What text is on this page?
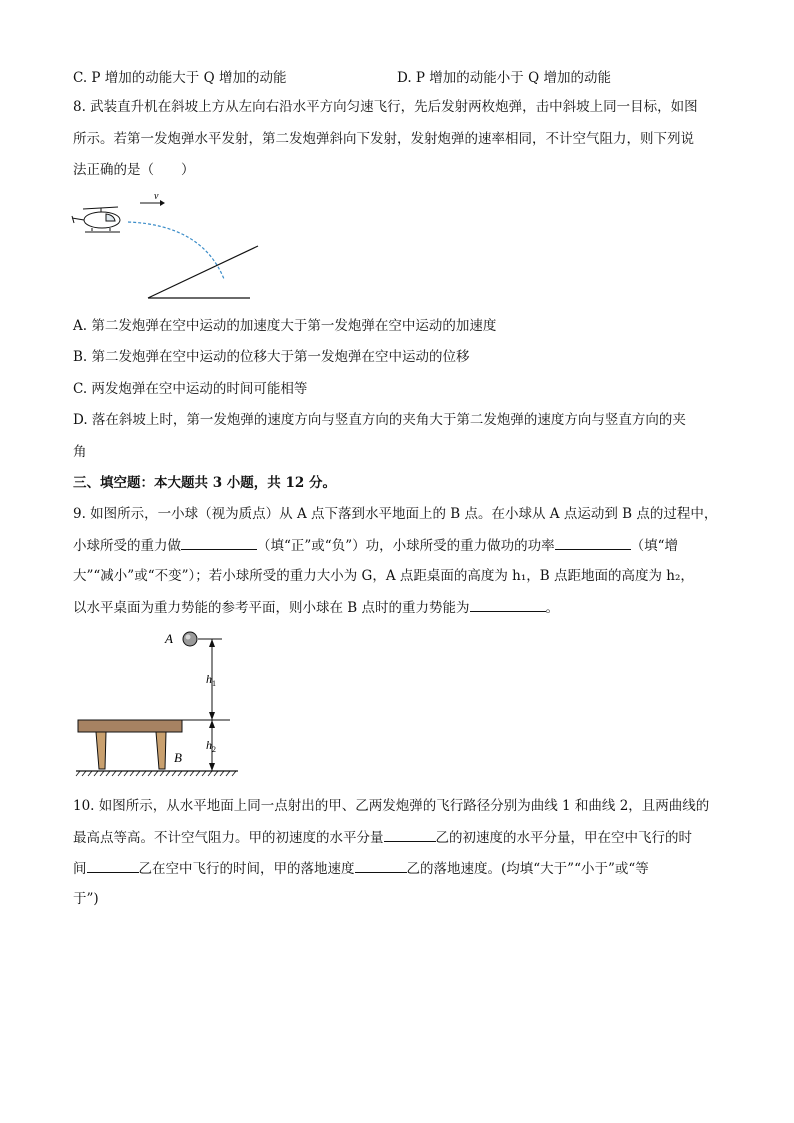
C. P 增加的动能大于 Q 增加的动能	D. P 增加的动能小于 Q 增加的动能
8. 武装直升机在斜坡上方从左向右沿水平方向匀速飞行，先后发射两枚炮弹，击中斜坡上同一目标，如图
所示。若第一发炮弹水平发射，第二发炮弹斜向下发射，发射炮弹的速率相同，不计空气阻力，则下列说
法正确的是（　　）
v
A. 第二发炮弹在空中运动的加速度大于第一发炮弹在空中运动的加速度
B. 第二发炮弹在空中运动的位移大于第一发炮弹在空中运动的位移
C. 两发炮弹在空中运动的时间可能相等
D. 落在斜坡上时，第一发炮弹的速度方向与竖直方向的夹角大于第二发炮弹的速度方向与竖直方向的夹
角
三、填空题：本大题共 3 小题，共 12 分。
9. 如图所示，一小球（视为质点）从 A 点下落到水平地面上的 B 点。在小球从 A 点运动到 B 点的过程中，
小球所受的重力做	（填“正”或“负”）功，小球所受的重力做功的功率	（填“增
大”“减小”或“不变”）；若小球所受的重力大小为 G，A 点距桌面的高度为 h₁，B 点距地面的高度为 h₂，
以水平桌面为重力势能的参考平面，则小球在 B 点时的重力势能为	。
A
$h_1$
$h_2$
B
10. 如图所示，从水平地面上同一点射出的甲、乙两发炮弹的飞行路径分别为曲线 1 和曲线 2，且两曲线的
最高点等高。不计空气阻力。甲的初速度的水平分量	乙的初速度的水平分量，甲在空中飞行的时
间	乙在空中飞行的时间，甲的落地速度	乙的落地速度。(均填“大于”“小于”或“等
于”)
